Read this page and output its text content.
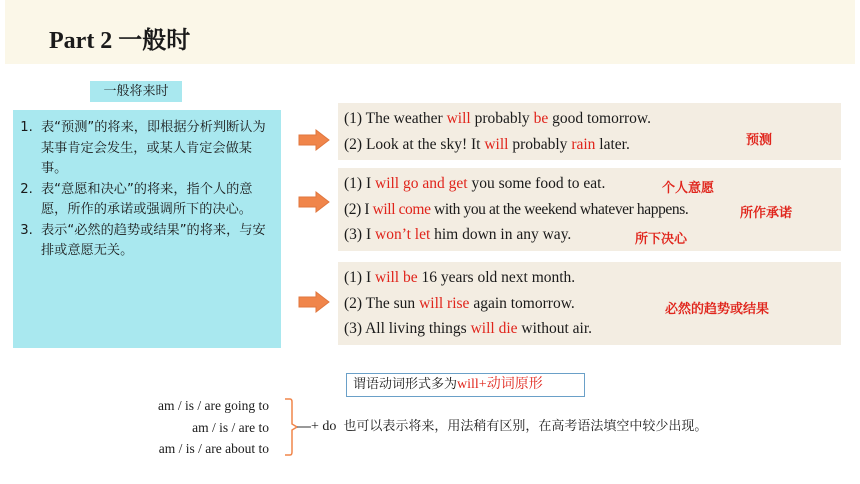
Part 2 一般时
一般将来时
1. 表“预测”的将来，即根据分析判断认为某事肯定会发生，或某人肯定会做某事。
2. 表“意愿和决心”的将来，指个人的意愿，所作的承诺或强调所下的决心。
3. 表示“必然的趋势或结果”的将来，与安排或意愿无关。
(1) The weather will probably be good tomorrow.
(2) Look at the sky! It will probably rain later.	预测
(1) I will go and get you some food to eat.
(2) I will come with you at the weekend whatever happens.
(3) I won’t let him down in any way.
个人意愿
所作承诺
所下决心
(1) I will be 16 years old next month.
(2) The sun will rise again tomorrow.
(3) All living things will die without air.
必然的趋势或结果
谓语动词形式多为will+动词原形
am / is / are going to
am / is / are to
am / is / are about to
+ do 也可以表示将来，用法稍有区别，在高考语法填空中较少出现。
